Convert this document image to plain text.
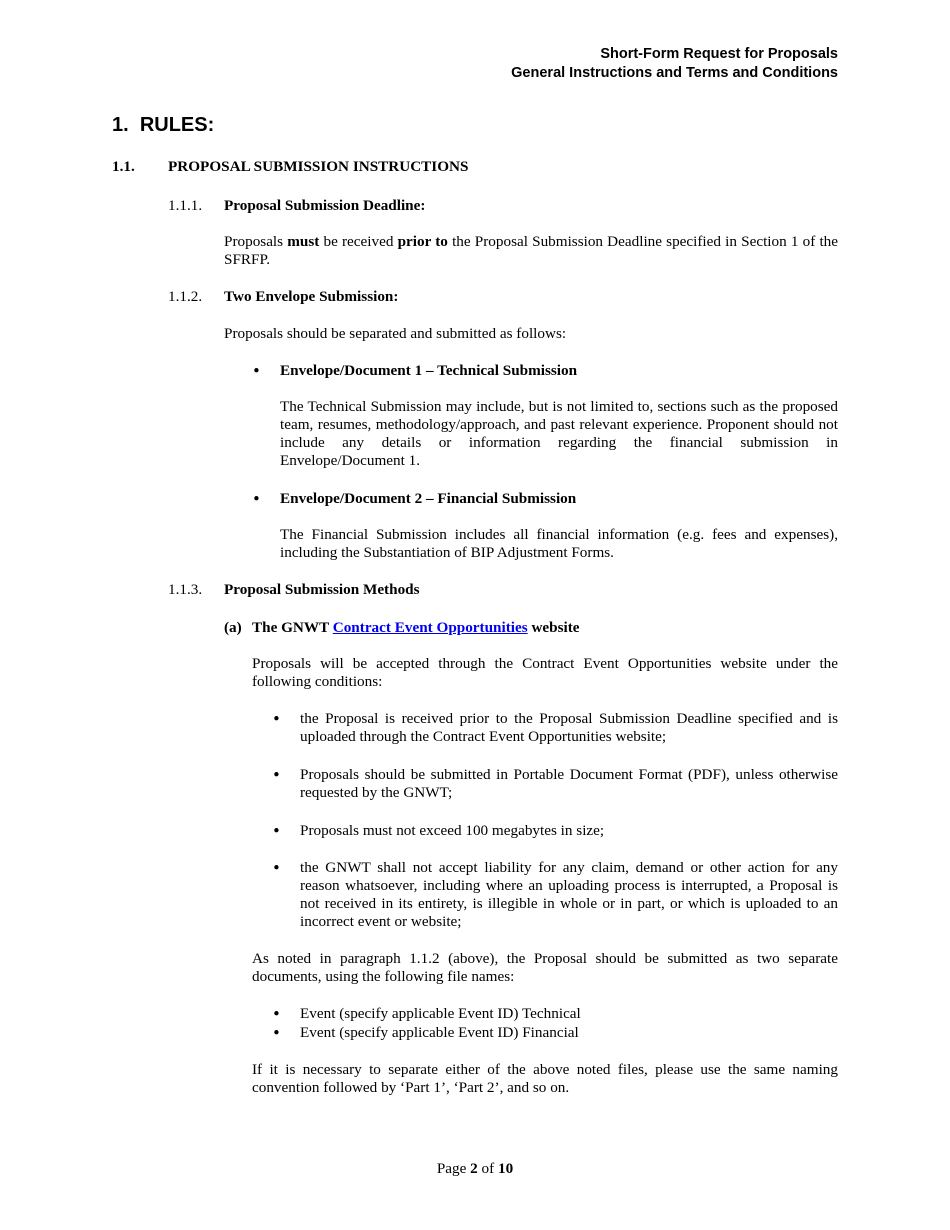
Short-Form Request for Proposals
General Instructions and Terms and Conditions
1. RULES:
1.1. PROPOSAL SUBMISSION INSTRUCTIONS
1.1.1. Proposal Submission Deadline:
Proposals must be received prior to the Proposal Submission Deadline specified in Section 1 of the SFRFP.
1.1.2. Two Envelope Submission:
Proposals should be separated and submitted as follows:
• Envelope/Document 1 – Technical Submission
The Technical Submission may include, but is not limited to, sections such as the proposed team, resumes, methodology/approach, and past relevant experience. Proponent should not include any details or information regarding the financial submission in Envelope/Document 1.
• Envelope/Document 2 – Financial Submission
The Financial Submission includes all financial information (e.g. fees and expenses), including the Substantiation of BIP Adjustment Forms.
1.1.3. Proposal Submission Methods
(a) The GNWT Contract Event Opportunities website
Proposals will be accepted through the Contract Event Opportunities website under the following conditions:
• the Proposal is received prior to the Proposal Submission Deadline specified and is uploaded through the Contract Event Opportunities website;
• Proposals should be submitted in Portable Document Format (PDF), unless otherwise requested by the GNWT;
• Proposals must not exceed 100 megabytes in size;
• the GNWT shall not accept liability for any claim, demand or other action for any reason whatsoever, including where an uploading process is interrupted, a Proposal is not received in its entirety, is illegible in whole or in part, or which is uploaded to an incorrect event or website;
As noted in paragraph 1.1.2 (above), the Proposal should be submitted as two separate documents, using the following file names:
• Event (specify applicable Event ID) Technical
• Event (specify applicable Event ID) Financial
If it is necessary to separate either of the above noted files, please use the same naming convention followed by ‘Part 1’, ‘Part 2’, and so on.
Page 2 of 10
